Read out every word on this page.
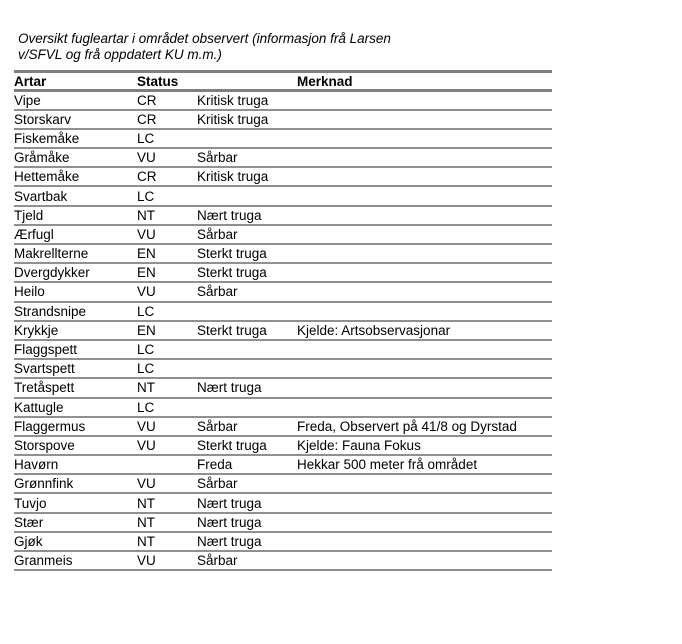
Oversikt fugleartar i området observert (informasjon frå Larsen
v/SFVL og frå oppdatert KU m.m.)
Artar	Status		Merknad
Vipe	CR	Kritisk truga	
Storskarv	CR	Kritisk truga	
Fiskemåke	LC		
Gråmåke	VU	Sårbar	
Hettemåke	CR	Kritisk truga	
Svartbak	LC		
Tjeld	NT	Nært truga	
Ærfugl	VU	Sårbar	
Makrellterne	EN	Sterkt truga	
Dvergdykker	EN	Sterkt truga	
Heilo	VU	Sårbar	
Strandsnipe	LC		
Krykkje	EN	Sterkt truga	Kjelde: Artsobservasjonar
Flaggspett	LC		
Svartspett	LC		
Tretåspett	NT	Nært truga	
Kattugle	LC		
Flaggermus	VU	Sårbar	Freda, Observert på 41/8 og Dyrstad
Storspove	VU	Sterkt truga	Kjelde: Fauna Fokus
Havørn		Freda	Hekkar 500 meter frå området
Grønnfink	VU	Sårbar	
Tuvjo	NT	Nært truga	
Stær	NT	Nært truga	
Gjøk	NT	Nært truga	
Granmeis	VU	Sårbar	
